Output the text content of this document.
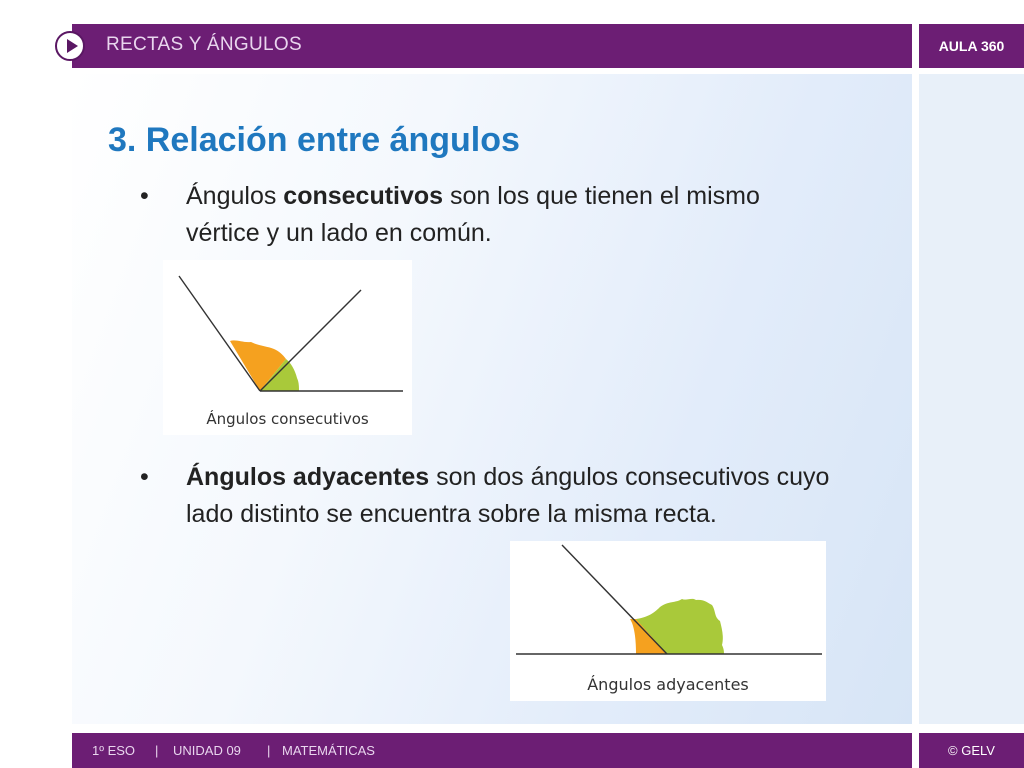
RECTAS Y ÁNGULOS	AULA 360
3. Relación entre ángulos
• Ángulos consecutivos son los que tienen el mismo vértice y un lado en común.
Ángulos consecutivos
• Ángulos adyacentes son dos ángulos consecutivos cuyo lado distinto se encuentra sobre la misma recta.
Ángulos adyacentes
1º ESO | UNIDAD 09 | MATEMÁTICAS	© GELV
